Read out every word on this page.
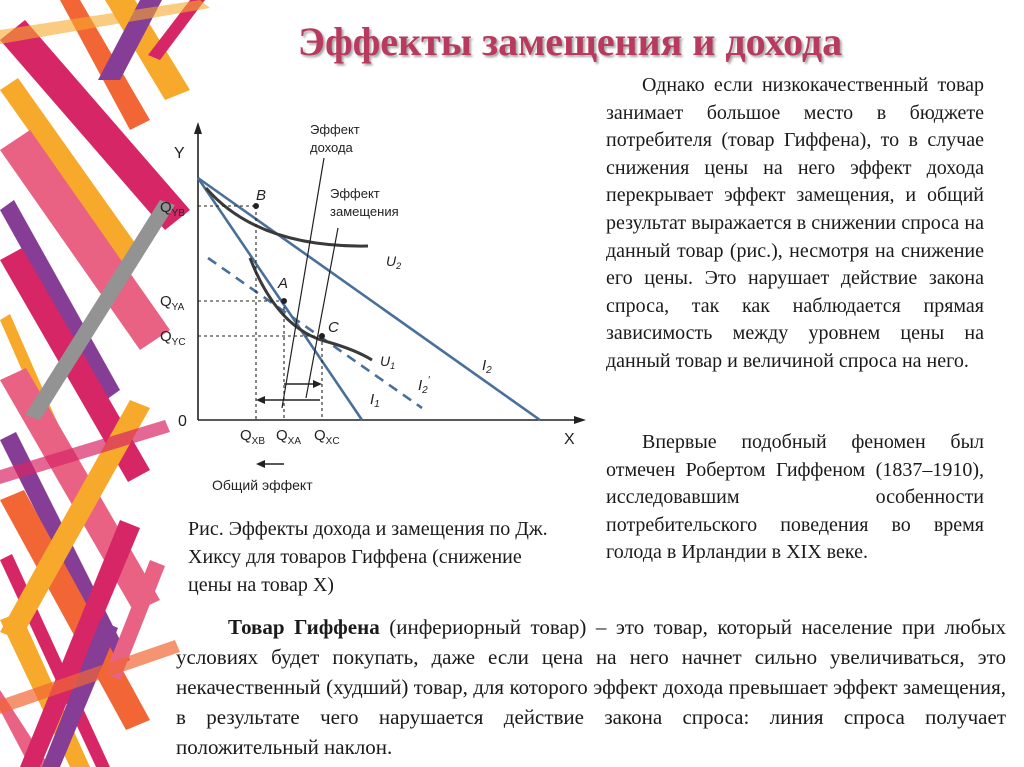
Эффекты замещения и дохода
Y
X
0
B
A
C
$Q_{YB}$
$Q_{YA}$
$Q_{YC}$
$Q_{XB}$ $Q_{XA}$ $Q_{XC}$
$U_2$
$U_1$	$I_2$
$I_1$
$I_2'$
Эффект
дохода
Эффект
замещения
Общий эффект

Однако если низкокачественный товар занимает большое место в бюджете потребителя (товар Гиффена), то в случае снижения цены на него эффект дохода перекрывает эффект замещения, и общий результат выражается в снижении спроса на данный товар (рис.), несмотря на снижение его цены. Это нарушает действие закона спроса, так как наблюдается прямая зависимость между уровнем цены на данный товар и величиной спроса на него.

Впервые подобный феномен был отмечен Робертом Гиффеном (1837–1910), исследовавшим особенности потребительского поведения во время голода в Ирландии в XIX веке.

Рис. Эффекты дохода и замещения по Дж. Хиксу для товаров Гиффена (снижение цены на товар X)

Товар Гиффена (инфериорный товар) – это товар, который население при любых условиях будет покупать, даже если цена на него начнет сильно увеличиваться, это некачественный (худший) товар, для которого эффект дохода превышает эффект замещения, в результате чего нарушается действие закона спроса: линия спроса получает положительный наклон.
